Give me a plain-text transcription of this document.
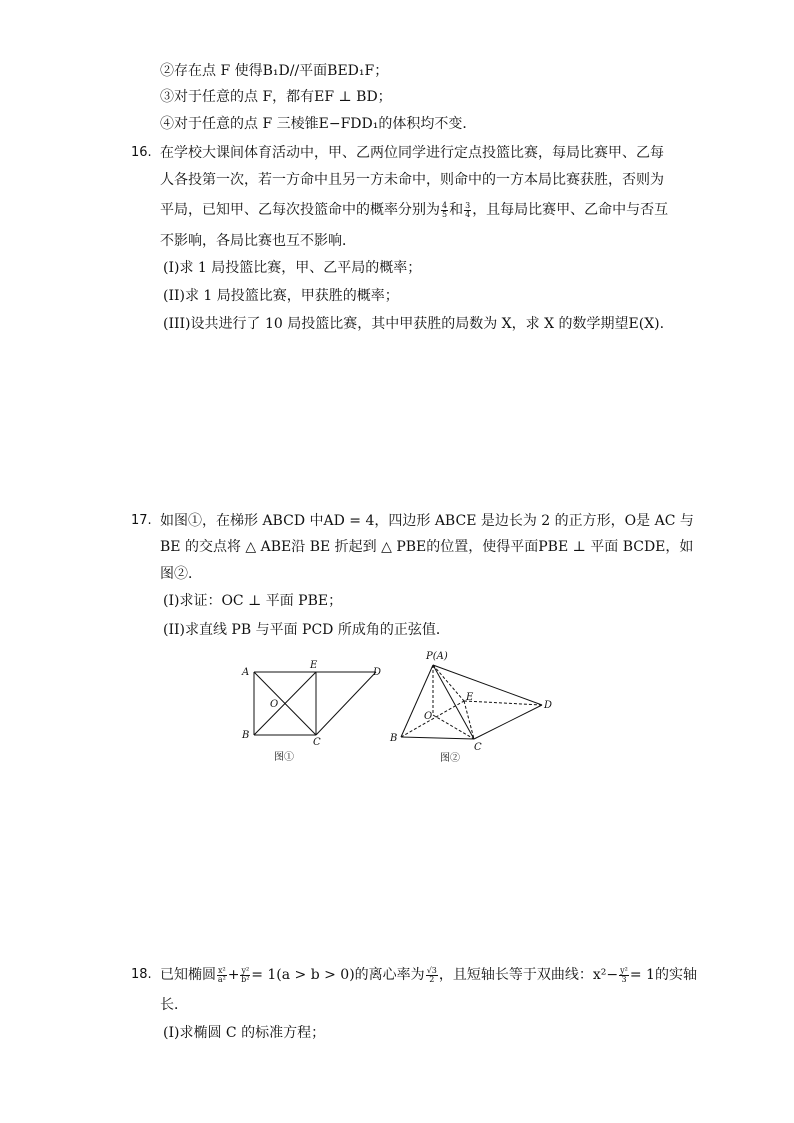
②存在点 F 使得B₁D//平面BED₁F；
③对于任意的点 F，都有EF ⊥ BD；
④对于任意的点 F 三棱锥E−FDD₁的体积均不变．
16. 在学校大课间体育活动中，甲、乙两位同学进行定点投篮比赛，每局比赛甲、乙每
人各投第一次，若一方命中且另一方未命中，则命中的一方本局比赛获胜，否则为
平局，已知甲、乙每次投篮命中的概率分别为 $\frac{4}{5}$ 和 $\frac{3}{4}$ ，且每局比赛甲、乙命中与否互
不影响，各局比赛也互不影响．
(I)求 1 局投篮比赛，甲、乙平局的概率；
(II)求 1 局投篮比赛，甲获胜的概率；
(III)设共进行了 10 局投篮比赛，其中甲获胜的局数为 X，求 X 的数学期望E(X).
17. 如图①，在梯形 ABCD 中AD = 4，四边形 ABCE 是边长为 2 的正方形，O是 AC 与
BE 的交点将 △ ABE沿 BE 折起到 △ PBE的位置，使得平面PBE ⊥ 平面 BCDE，如
图②．
(I)求证：OC ⊥ 平面 PBE；
(II)求直线 PB 与平面 PCD 所成角的正弦值．
A
B
C
D
E
O
图①
P(A)
B
C
D
E
O
图②
18. 已知椭圆 $\frac{\text{x²}}{\text{a²}} + \frac{\text{y²}}{\text{b²}} = 1(a > b > 0)$的离心率为 $\frac{√3}{2}$ ，且短轴长等于双曲线：$x^2- \frac{\text{y²}}{3} = 1$的实轴
长．
(I)求椭圆 C 的标准方程；
